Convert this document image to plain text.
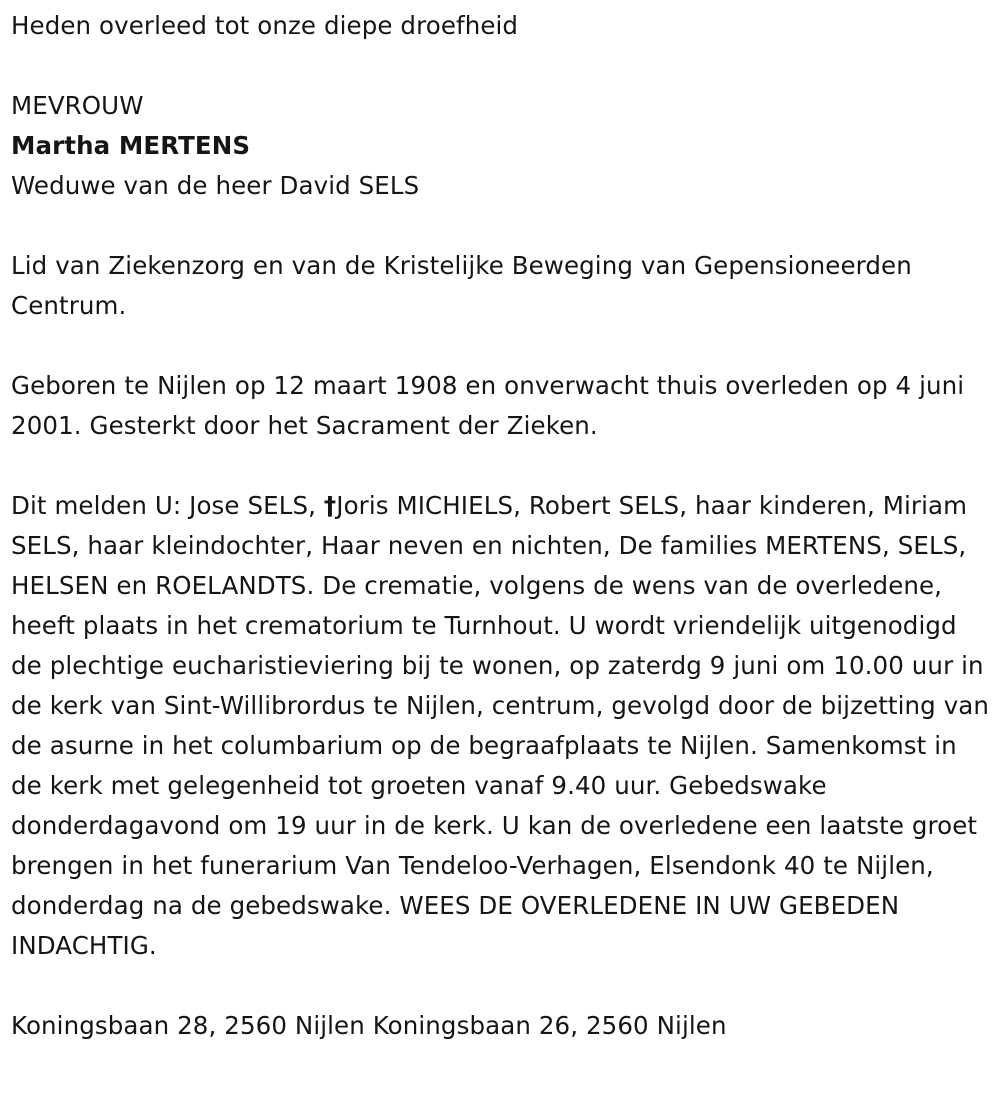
Heden overleed tot onze diepe droefheid

MEVROUW

Martha MERTENS

Weduwe van de heer David SELS

Lid van Ziekenzorg en van de Kristelijke Beweging van Gepensioneerden Centrum.

Geboren te Nijlen op 12 maart 1908 en onverwacht thuis overleden op 4 juni 2001. Gesterkt door het Sacrament der Zieken.

Dit melden U: Jose SELS, †Joris MICHIELS, Robert SELS, haar kinderen, Miriam SELS, haar kleindochter, Haar neven en nichten, De families MERTENS, SELS, HELSEN en ROELANDTS. De crematie, volgens de wens van de overledene, heeft plaats in het crematorium te Turnhout. U wordt vriendelijk uitgenodigd de plechtige eucharistieviering bij te wonen, op zaterdg 9 juni om 10.00 uur in de kerk van Sint-Willibrordus te Nijlen, centrum, gevolgd door de bijzetting van de asurne in het columbarium op de begraafplaats te Nijlen. Samenkomst in de kerk met gelegenheid tot groeten vanaf 9.40 uur. Gebedswake donderdagavond om 19 uur in de kerk. U kan de overledene een laatste groet brengen in het funerarium Van Tendeloo-Verhagen, Elsendonk 40 te Nijlen, donderdag na de gebedswake. WEES DE OVERLEDENE IN UW GEBEDEN INDACHTIG.

Koningsbaan 28, 2560 Nijlen Koningsbaan 26, 2560 Nijlen
